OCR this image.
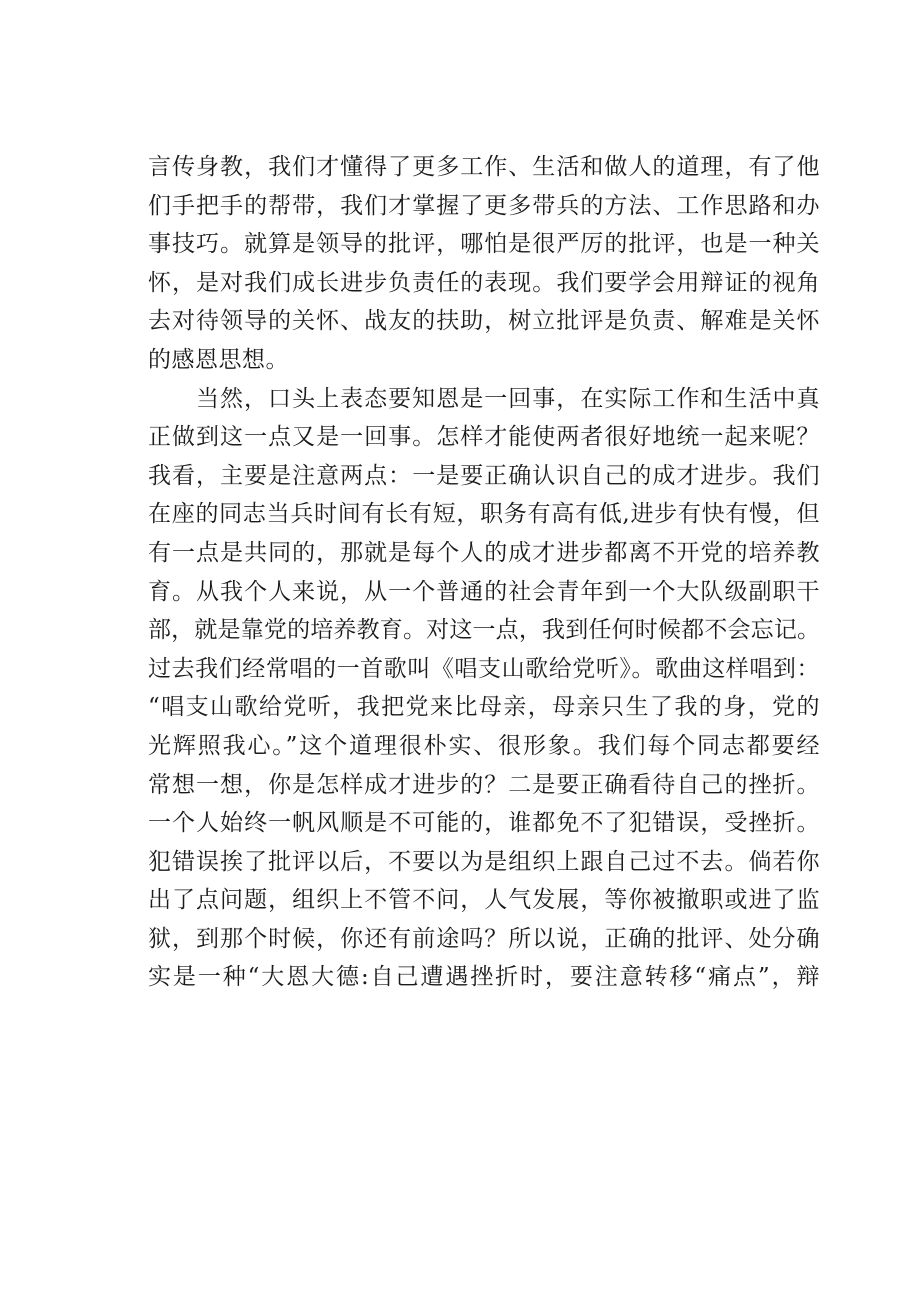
言传身教，我们才懂得了更多工作、生活和做人的道理，有了他
们手把手的帮带，我们才掌握了更多带兵的方法、工作思路和办
事技巧。就算是领导的批评，哪怕是很严厉的批评，也是一种关
怀，是对我们成长进步负责任的表现。我们要学会用辩证的视角
去对待领导的关怀、战友的扶助，树立批评是负责、解难是关怀
的感恩思想。
当然，口头上表态要知恩是一回事，在实际工作和生活中真
正做到这一点又是一回事。怎样才能使两者很好地统一起来呢？
我看，主要是注意两点：一是要正确认识自己的成才进步。我们
在座的同志当兵时间有长有短，职务有高有低,进步有快有慢，但
有一点是共同的，那就是每个人的成才进步都离不开党的培养教
育。从我个人来说，从一个普通的社会青年到一个大队级副职干
部，就是靠党的培养教育。对这一点，我到任何时候都不会忘记。
过去我们经常唱的一首歌叫《唱支山歌给党听》。歌曲这样唱到：
“唱支山歌给党听，我把党来比母亲，母亲只生了我的身，党的
光辉照我心。”这个道理很朴实、很形象。我们每个同志都要经
常想一想，你是怎样成才进步的？二是要正确看待自己的挫折。
一个人始终一帆风顺是不可能的，谁都免不了犯错误，受挫折。
犯错误挨了批评以后，不要以为是组织上跟自己过不去。倘若你
出了点问题，组织上不管不问，人气发展，等你被撤职或进了监
狱，到那个时候，你还有前途吗？所以说，正确的批评、处分确
实是一种“大恩大德:自己遭遇挫折时，要注意转移“痛点”，辩
